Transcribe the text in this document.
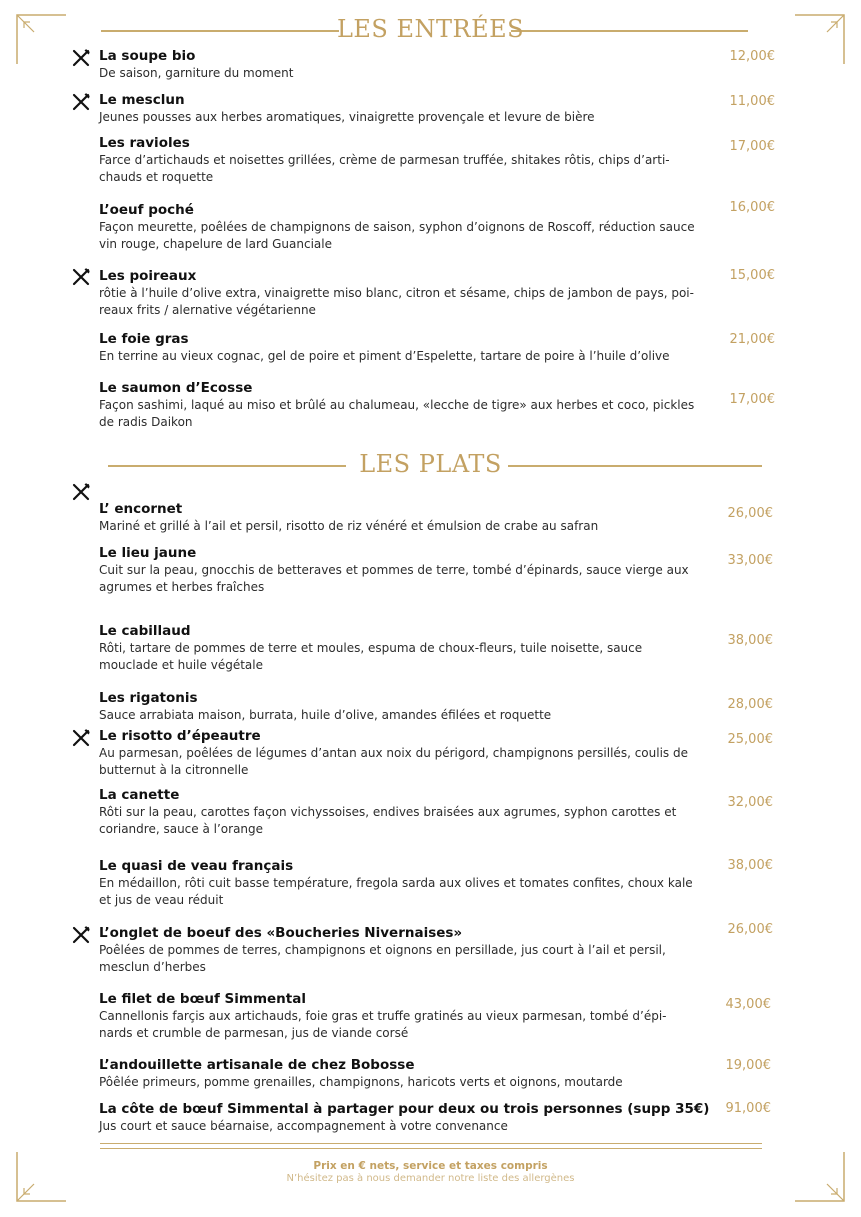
LES ENTRÉES
LES PLATS
La soupe bio
De saison, garniture du moment
12,00€
Le mesclun
Jeunes pousses aux herbes aromatiques, vinaigrette provençale et levure de bière
11,00€
Les ravioles
Farce d’artichauds et noisettes grillées, crème de parmesan truffée, shitakes rôtis, chips d’arti-chauds et roquette
17,00€
L’oeuf poché
Façon meurette, poêlées de champignons de saison, syphon d’oignons de Roscoff, réduction sauce vin rouge, chapelure de lard Guanciale
16,00€
Les poireaux
rôtie à l’huile d’olive extra, vinaigrette miso blanc, citron et sésame, chips de jambon de pays, poi-reaux frits / alernative végétarienne
15,00€
Le foie gras
En terrine au vieux cognac, gel de poire et piment d’Espelette, tartare de poire à l’huile d’olive
21,00€
Le saumon d’Ecosse
Façon sashimi, laqué au miso et brûlé au chalumeau, «lecche de tigre» aux herbes et coco, pickles de radis Daikon
17,00€
L’ encornet
Mariné et grillé à l’ail et persil, risotto de riz vénéré et émulsion de crabe au safran
26,00€
Le lieu jaune
Cuit sur la peau, gnocchis de betteraves et pommes de terre, tombé d’épinards, sauce vierge aux agrumes et herbes fraîches
33,00€
Le cabillaud
Rôti, tartare de pommes de terre et moules, espuma de choux-fleurs, tuile noisette, sauce mouclade et huile végétale
38,00€
Les rigatonis
Sauce arrabiata maison, burrata, huile d’olive, amandes éfilées et roquette
28,00€
Le risotto d’épeautre
Au parmesan, poêlées de légumes d’antan aux noix du périgord, champignons persillés, coulis de butternut à la citronnelle
25,00€
La canette
Rôti sur la peau, carottes façon vichyssoises, endives braisées aux agrumes, syphon carottes et coriandre, sauce à l’orange
32,00€
Le quasi de veau français
En médaillon, rôti cuit basse température, fregola sarda aux olives et tomates confites, choux kale et jus de veau réduit
38,00€
L’onglet de boeuf des «Boucheries Nivernaises»
Poêlées de pommes de terres, champignons et oignons en persillade, jus court à l’ail et persil, mesclun d’herbes
26,00€
Le filet de bœuf Simmental
Cannellonis farçis aux artichauds, foie gras et truffe gratinés au vieux parmesan, tombé d’épi-nards et crumble de parmesan, jus de viande corsé
43,00€
L’andouillette artisanale de chez Bobosse
Pôêlée primeurs, pomme grenailles, champignons, haricots verts et oignons, moutarde
19,00€
La côte de bœuf Simmental à partager pour deux ou trois personnes (supp 35€)
Jus court et sauce béarnaise, accompagnement à votre convenance
91,00€
Prix en € nets, service et taxes compris
N’hésitez pas à nous demander notre liste des allergènes
